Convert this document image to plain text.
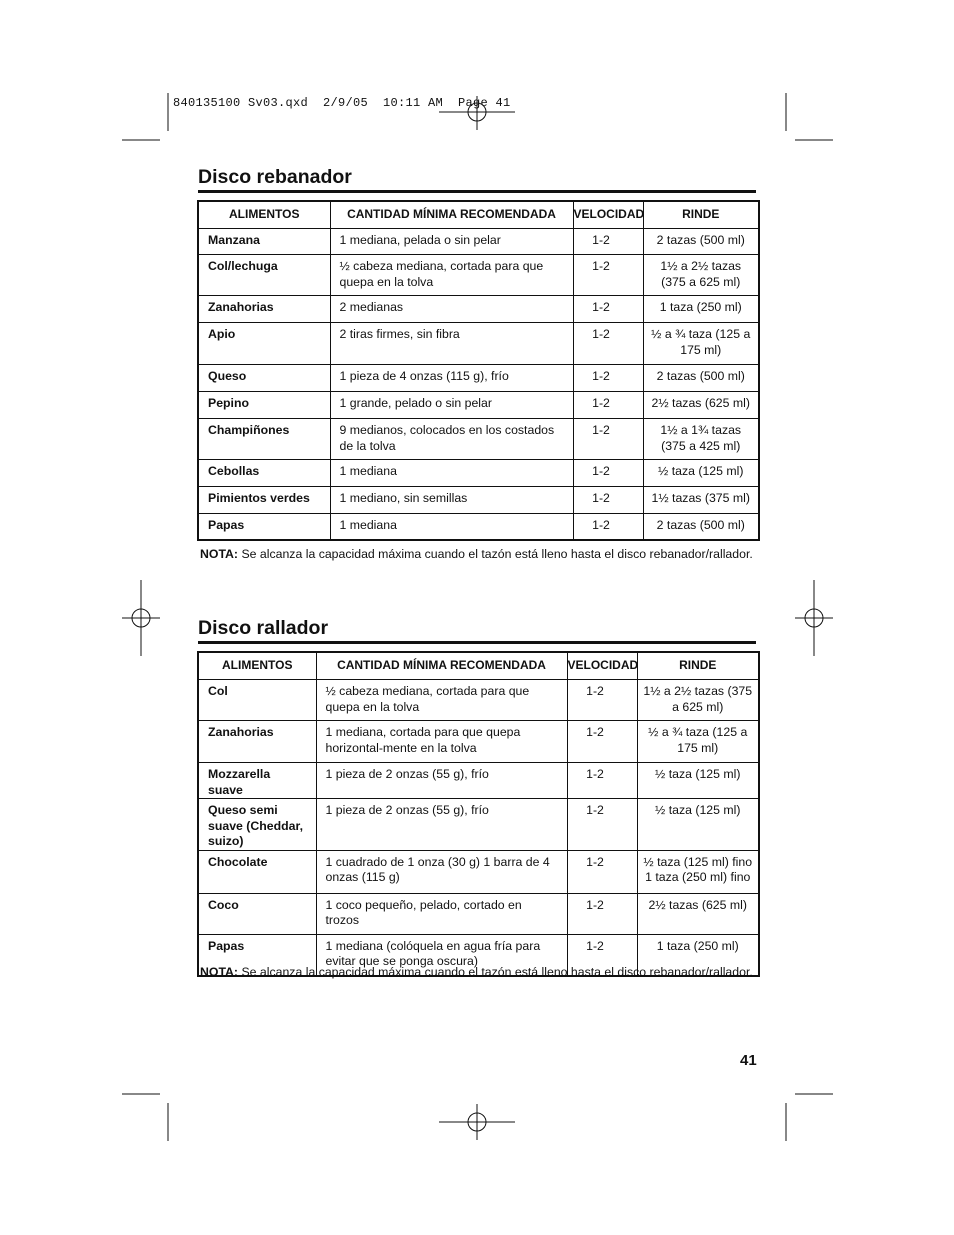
840135100 Sv03.qxd  2/9/05  10:11 AM  Page 41
Disco rebanador
ALIMENTOS	CANTIDAD MÍNIMA RECOMENDADA	VELOCIDAD	RINDE

Manzana	1 mediana, pelada o sin pelar	1-2	2 tazas (500 ml)

Col/lechuga	½ cabeza mediana, cortada para que quepa en la tolva	1-2	1½ a 2½ tazas (375 a 625 ml)

Zanahorias	2 medianas	1-2	1 taza (250 ml)

Apio	2 tiras firmes, sin fibra	1-2	½ a ¾ taza (125 a 175 ml)

Queso	1 pieza de 4 onzas (115 g), frío	1-2	2 tazas (500 ml)

Pepino	1 grande, pelado o sin pelar	1-2	2½ tazas (625 ml)

Champiñones	9 medianos, colocados en los costados de la tolva	1-2	1½ a 1¾ tazas (375 a 425 ml)

Cebollas	1 mediana	1-2	½ taza (125 ml)

Pimientos verdes	1 mediano, sin semillas	1-2	1½ tazas (375 ml)

Papas	1 mediana	1-2	2 tazas (500 ml)
NOTA: Se alcanza la capacidad máxima cuando el tazón está lleno hasta el disco rebanador/rallador.
Disco rallador
ALIMENTOS	CANTIDAD MÍNIMA RECOMENDADA	VELOCIDAD	RINDE

Col	½ cabeza mediana, cortada para que quepa en la tolva	1-2	1½ a 2½ tazas (375 a 625 ml)

Zanahorias	1 mediana, cortada para que quepa horizontal-mente en la tolva	1-2	½ a ¾ taza (125 a 175 ml)

Mozzarella suave	1 pieza de 2 onzas (55 g), frío	1-2	½ taza (125 ml)

Queso semi suave (Cheddar, suizo)	1 pieza de 2 onzas (55 g), frío	1-2	½ taza (125 ml)

Chocolate	1 cuadrado de 1 onza (30 g) 1 barra de 4 onzas (115 g)	1-2	½ taza (125 ml) fino 1 taza (250 ml) fino

Coco	1 coco pequeño, pelado, cortado en trozos	1-2	2½ tazas (625 ml)

Papas	1 mediana (colóquela en agua fría para evitar que se ponga oscura)	1-2	1 taza (250 ml)
NOTA: Se alcanza la capacidad máxima cuando el tazón está lleno hasta el disco rebanador/rallador.
41
